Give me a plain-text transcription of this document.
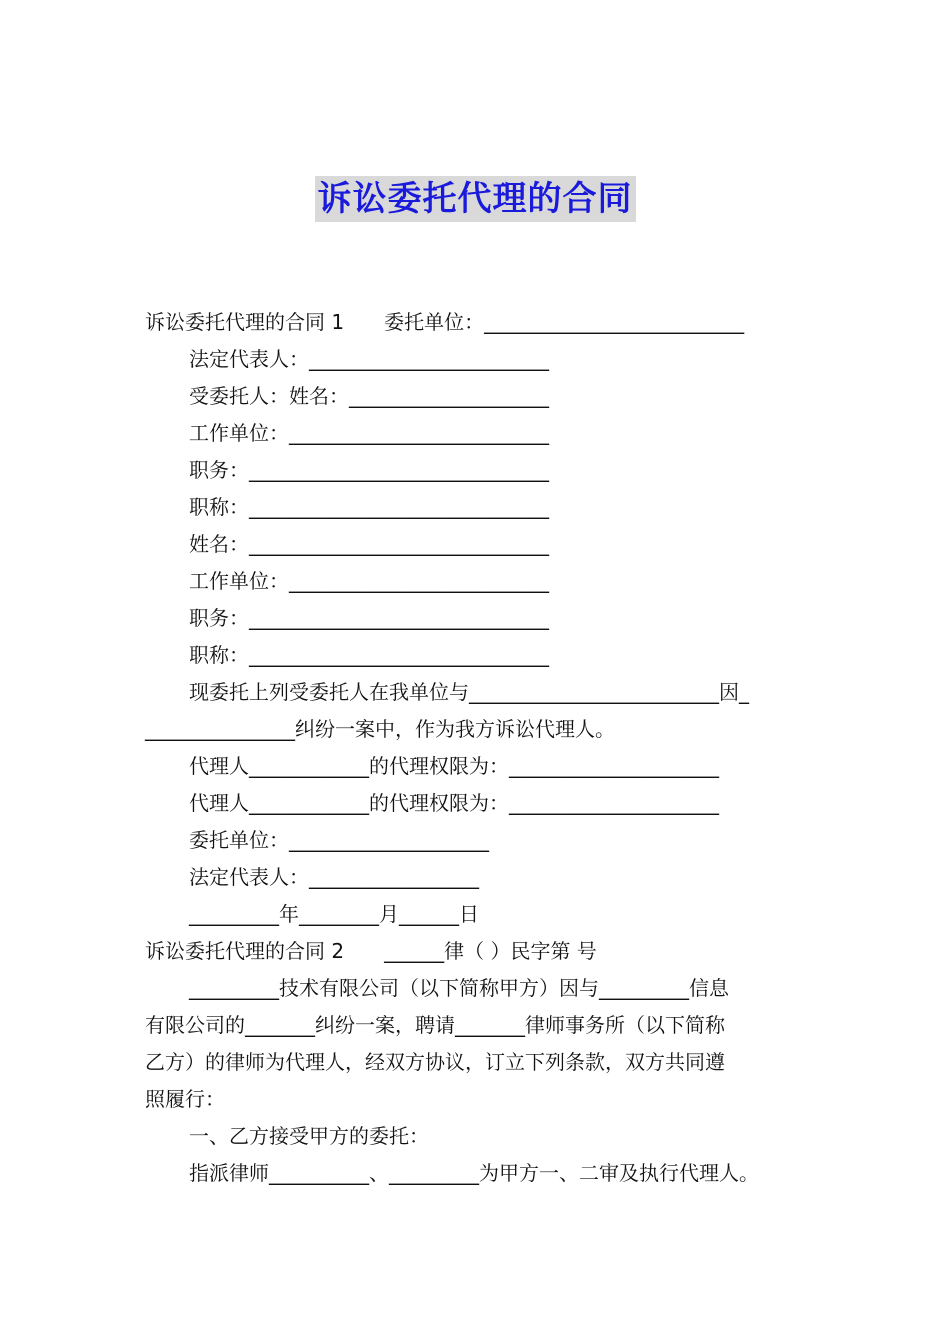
诉讼委托代理的合同
诉讼委托代理的合同 1 委托单位：__________________________
法定代表人：________________________
受委托人：姓名：____________________
工作单位：__________________________
职务：______________________________
职称：______________________________
姓名：______________________________
工作单位：__________________________
职务：______________________________
职称：______________________________
现委托上列受委托人在我单位与_________________________因_
_______________纠纷一案中，作为我方诉讼代理人。
代理人____________的代理权限为：_____________________
代理人____________的代理权限为：_____________________
委托单位：____________________
法定代表人：_________________
_________年________月______日
诉讼委托代理的合同 2 ______律（ ）民字第 号
_________技术有限公司（以下简称甲方）因与_________信息
有限公司的_______纠纷一案，聘请_______律师事务所（以下简称
乙方）的律师为代理人，经双方协议，订立下列条款，双方共同遵
照履行：
一、乙方接受甲方的委托：
指派律师__________、_________为甲方一、二审及执行代理人。
